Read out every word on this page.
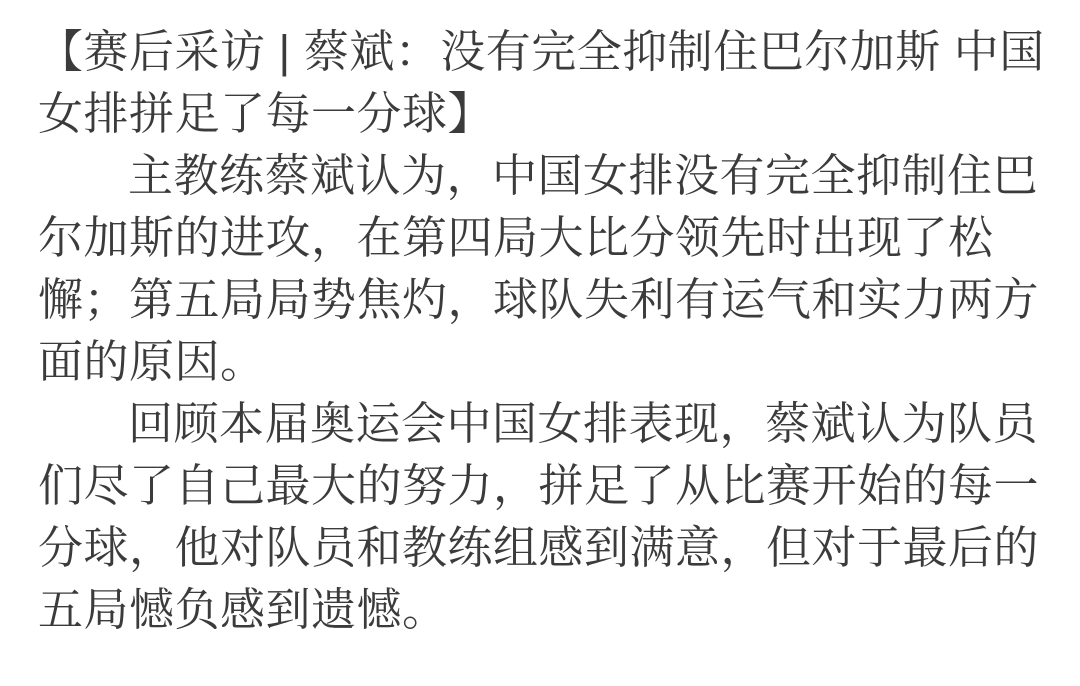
【赛后采访 | 蔡斌：没有完全抑制住巴尔加斯 中国
女排拼足了每一分球】
主教练蔡斌认为，中国女排没有完全抑制住巴
尔加斯的进攻，在第四局大比分领先时出现了松
懈；第五局局势焦灼，球队失利有运气和实力两方
面的原因。
回顾本届奥运会中国女排表现，蔡斌认为队员
们尽了自己最大的努力，拼足了从比赛开始的每一
分球，他对队员和教练组感到满意，但对于最后的
五局憾负感到遗憾。
